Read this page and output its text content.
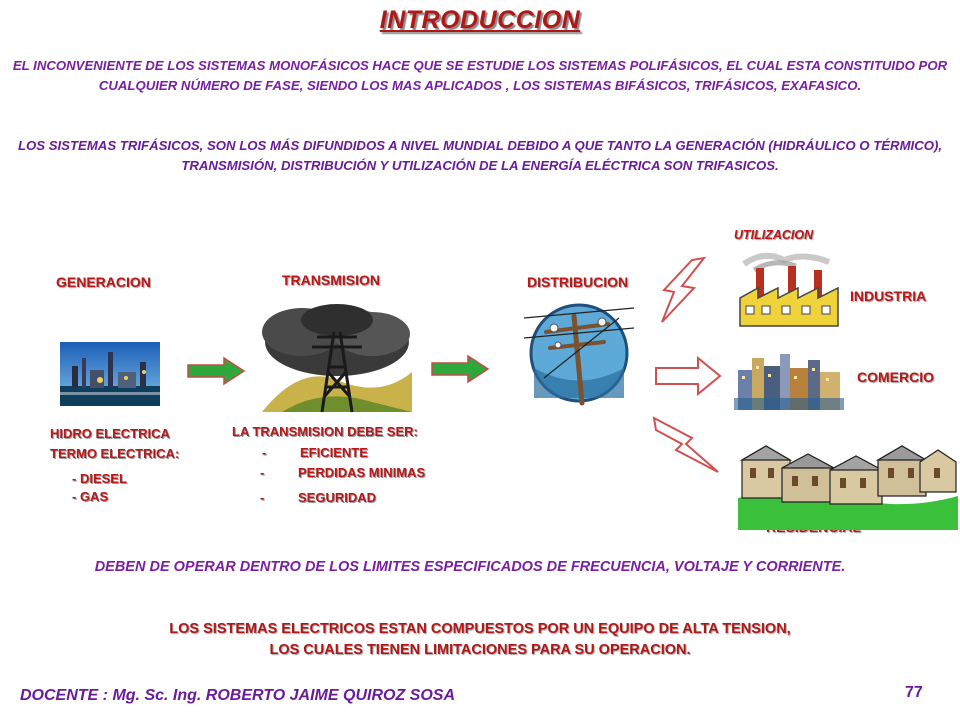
INTRODUCCION
EL INCONVENIENTE DE LOS SISTEMAS MONOFÁSICOS HACE QUE SE ESTUDIE LOS SISTEMAS POLIFÁSICOS, EL CUAL ESTA CONSTITUIDO POR CUALQUIER NÚMERO DE FASE, SIENDO LOS MAS APLICADOS , LOS SISTEMAS BIFÁSICOS, TRIFÁSICOS, EXAFASICO.
LOS SISTEMAS TRIFÁSICOS, SON LOS MÁS DIFUNDIDOS A NIVEL MUNDIAL DEBIDO A QUE TANTO LA GENERACIÓN (HIDRÁULICO O TÉRMICO), TRANSMISIÓN, DISTRIBUCIÓN Y UTILIZACIÓN DE LA ENERGÍA ELÉCTRICA SON TRIFASICOS.
GENERACION	TRANSMISION	DISTRIBUCION
UTILIZACION
INDUSTRIA
COMERCIO
HIDRO ELECTRICA
TERMO ELECTRICA:
- DIESEL
- GAS
LA TRANSMISION DEBE SER:
-	EFICIENTE
-	PERDIDAS MINIMAS
-	SEGURIDAD
DEBEN DE OPERAR DENTRO DE LOS LIMITES ESPECIFICADOS DE FRECUENCIA, VOLTAJE Y CORRIENTE.
LOS SISTEMAS ELECTRICOS ESTAN COMPUESTOS POR UN EQUIPO DE ALTA TENSION,
LOS CUALES TIENEN LIMITACIONES PARA SU OPERACION.
DOCENTE : Mg. Sc. Ing. ROBERTO JAIME QUIROZ SOSA	77
